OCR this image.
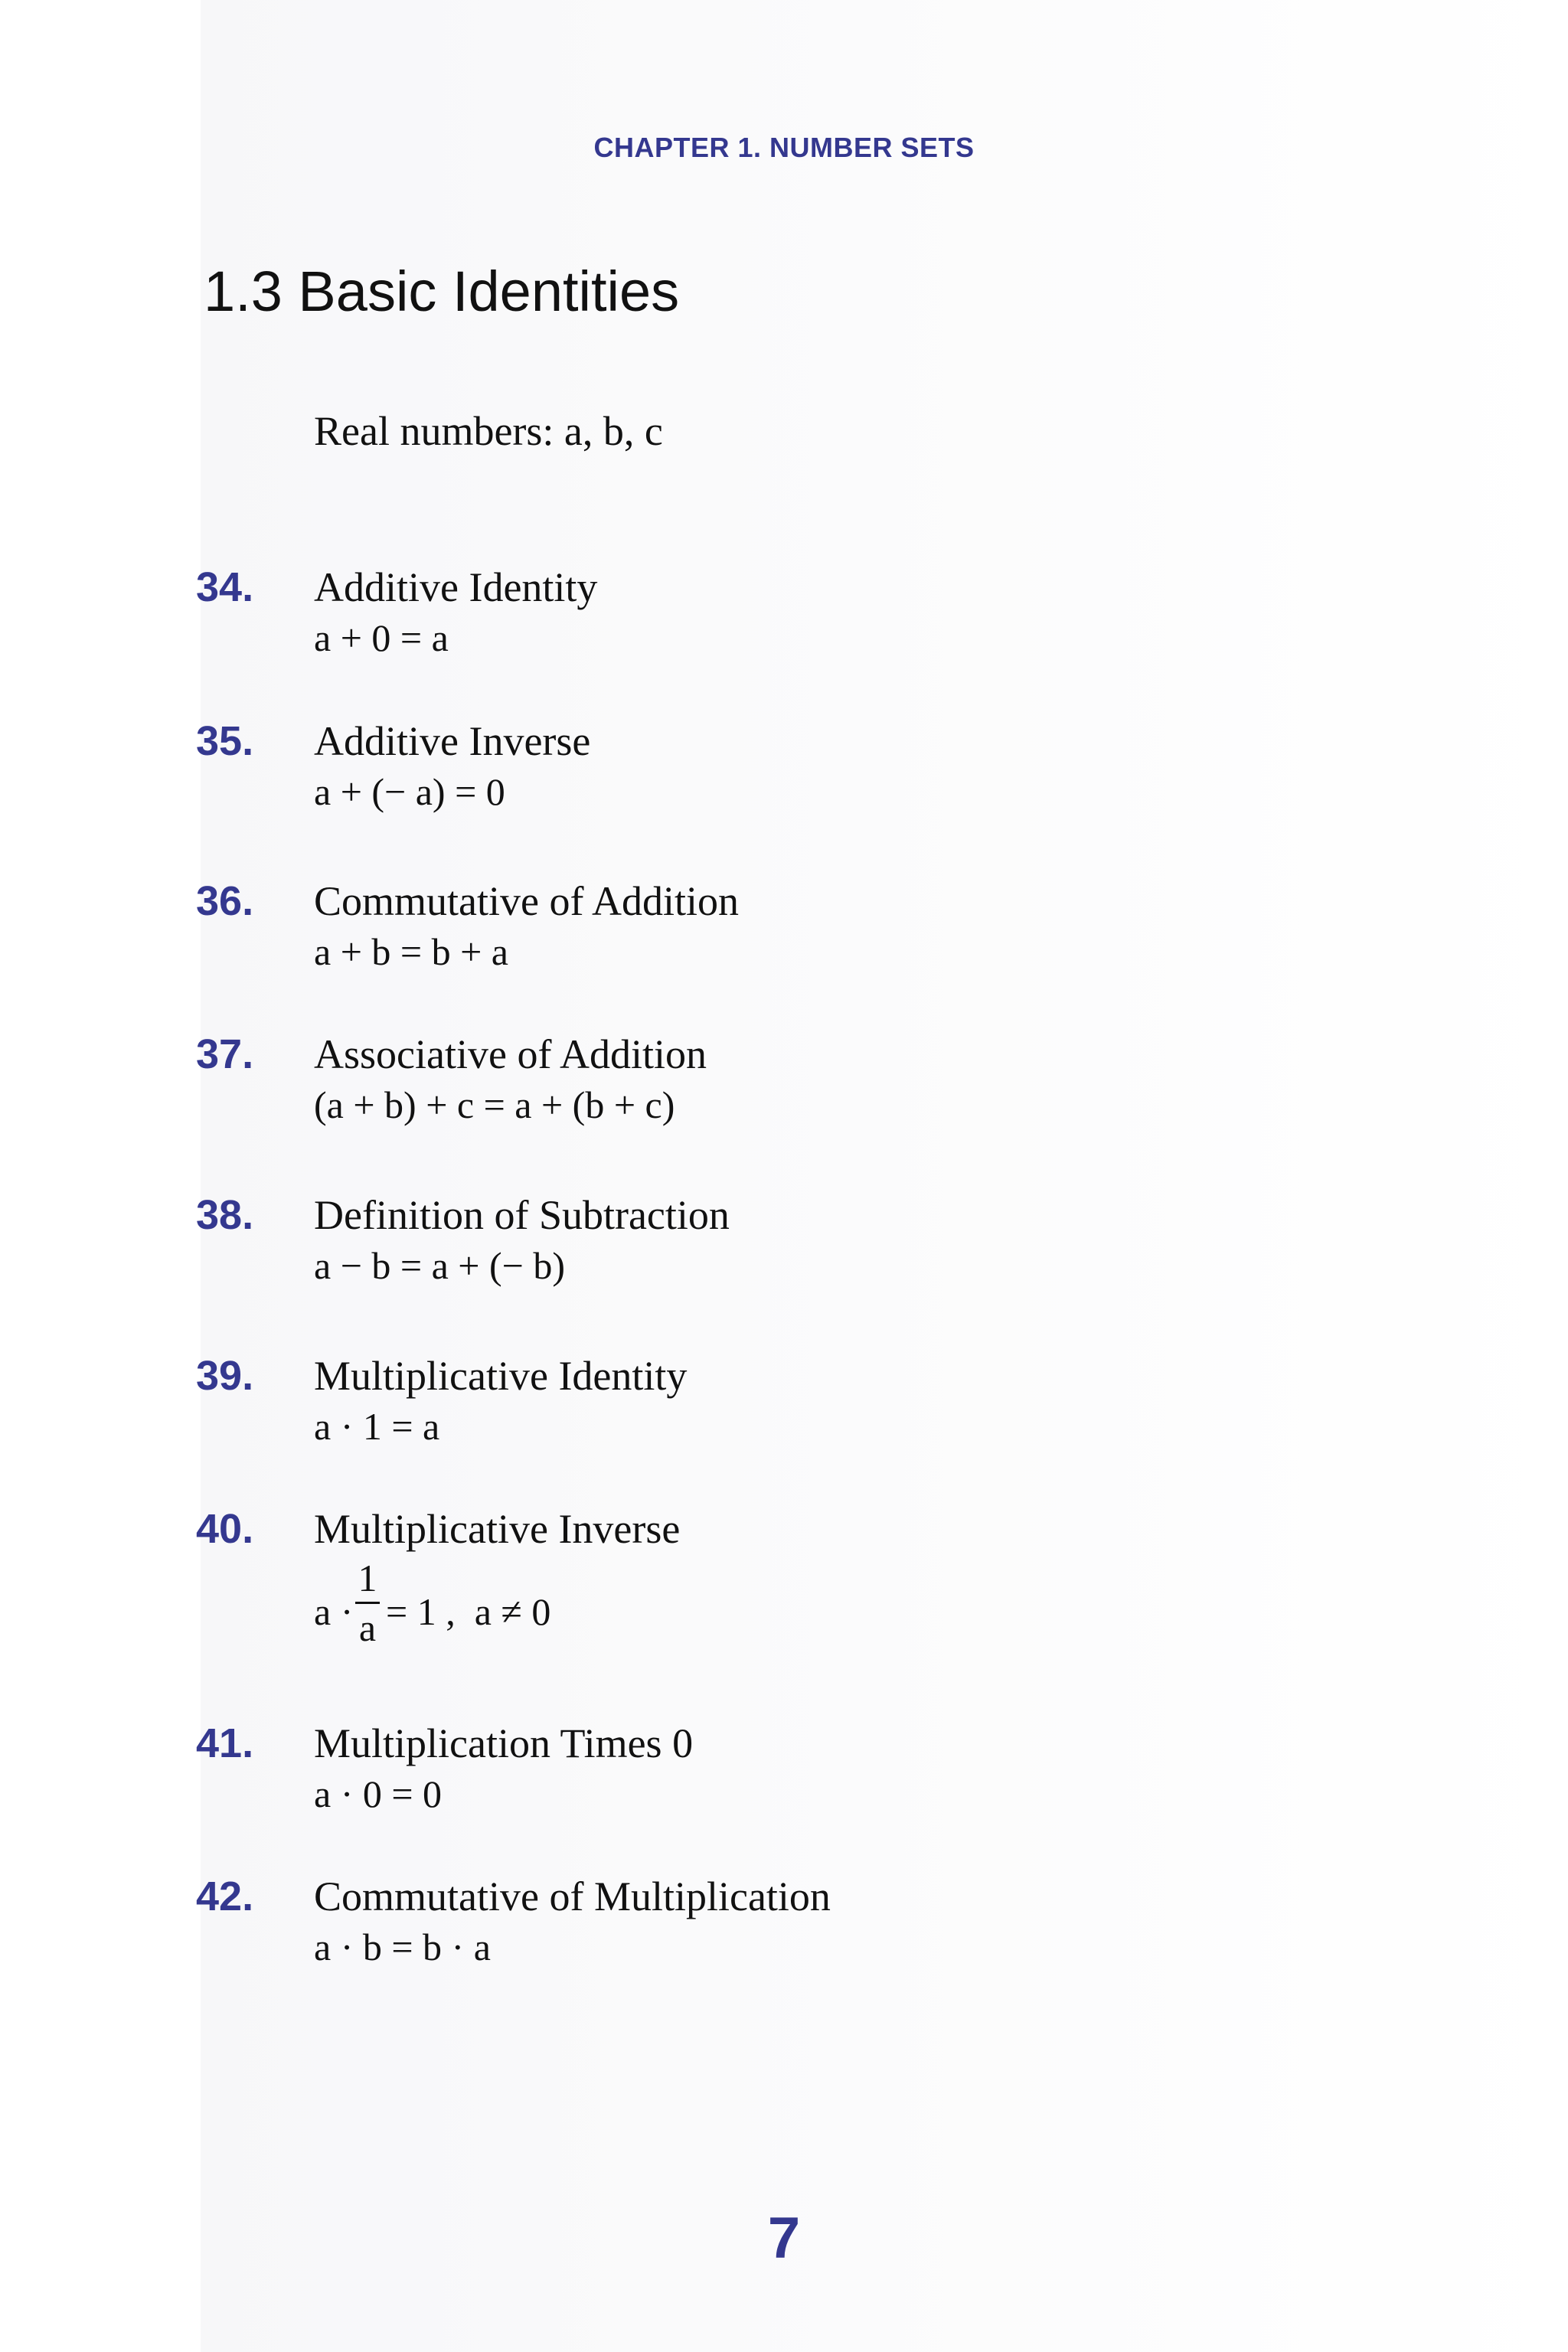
CHAPTER 1. NUMBER SETS
1.3 Basic Identities
Real numbers: a, b, c
34. Additive Identity
a + 0 = a
35. Additive Inverse
a + (− a) = 0
36. Commutative of Addition
a + b = b + a
37. Associative of Addition
(a + b) + c = a + (b + c)
38. Definition of Subtraction
a − b = a + (− b)
39. Multiplicative Identity
a · 1 = a
40. Multiplicative Inverse
a ·
1
a = 1 ,  a ≠ 0
41. Multiplication Times 0
a · 0 = 0
42. Commutative of Multiplication
a · b = b · a
7
